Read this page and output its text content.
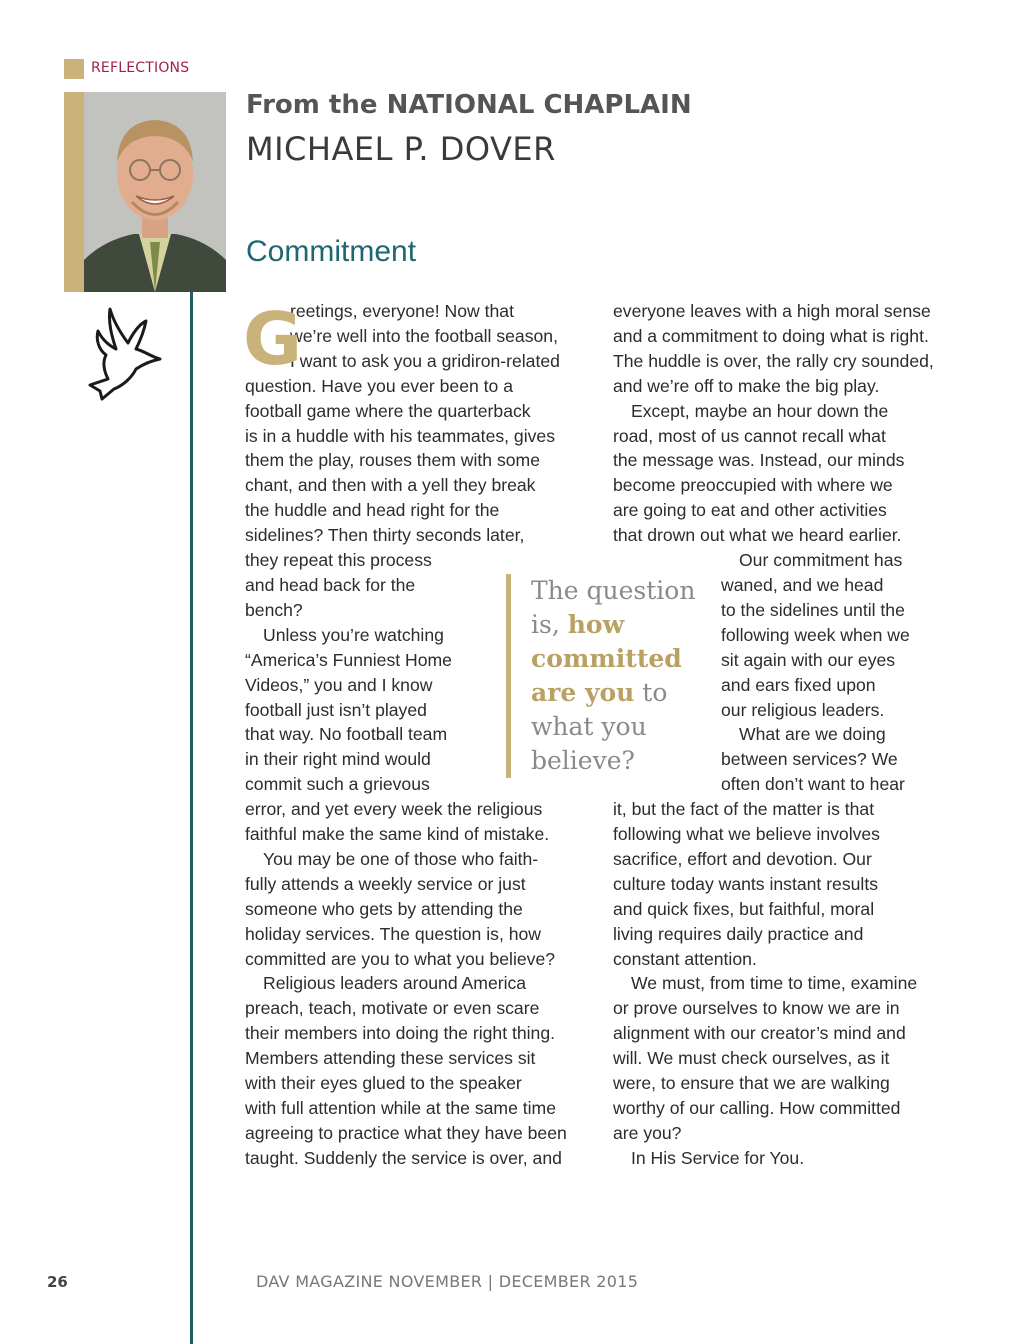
REFLECTIONS
From the NATIONAL CHAPLAIN
MICHAEL P. DOVER
Commitment
G

reetings, everyone! Now that

we’re well into the football season,

I want to ask you a gridiron-related

question. Have you ever been to a

football game where the quarterback

is in a huddle with his teammates, gives

them the play, rouses them with some

chant, and then with a yell they break

the huddle and head right for the

sidelines? Then thirty seconds later,

they repeat this process

and head back for the

bench?

Unless you’re watching

“America’s Funniest Home

Videos,” you and I know

football just isn’t played

that way. No football team

in their right mind would

commit such a grievous

error, and yet every week the religious

faithful make the same kind of mistake.

You may be one of those who faith-

fully attends a weekly service or just

someone who gets by attending the

holiday services. The question is, how

committed are you to what you believe?

Religious leaders around America

preach, teach, motivate or even scare

their members into doing the right thing.

Members attending these services sit

with their eyes glued to the speaker

with full attention while at the same time

agreeing to practice what they have been

taught. Suddenly the service is over, and

everyone leaves with a high moral sense

and a commitment to doing what is right.

The huddle is over, the rally cry sounded,

and we’re off to make the big play.

Except, maybe an hour down the

road, most of us cannot recall what

the message was. Instead, our minds

become preoccupied with where we

are going to eat and other activities

that drown out what we heard earlier.

Our commitment has

waned, and we head

to the sidelines until the

following week when we

sit again with our eyes

and ears fixed upon

our religious leaders.

What are we doing

between services? We

often don’t want to hear

it, but the fact of the matter is that

following what we believe involves

sacrifice, effort and devotion. Our

culture today wants instant results

and quick fixes, but faithful, moral

living requires daily practice and

constant attention.

We must, from time to time, examine

or prove ourselves to know we are in

alignment with our creator’s mind and

will. We must check ourselves, as it

were, to ensure that we are walking

worthy of our calling. How committed

are you?

In His Service for You.

The question
is, how
committed
are you to
what you
believe?
26	DAV MAGAZINE NOVEMBER | DECEMBER 2015
